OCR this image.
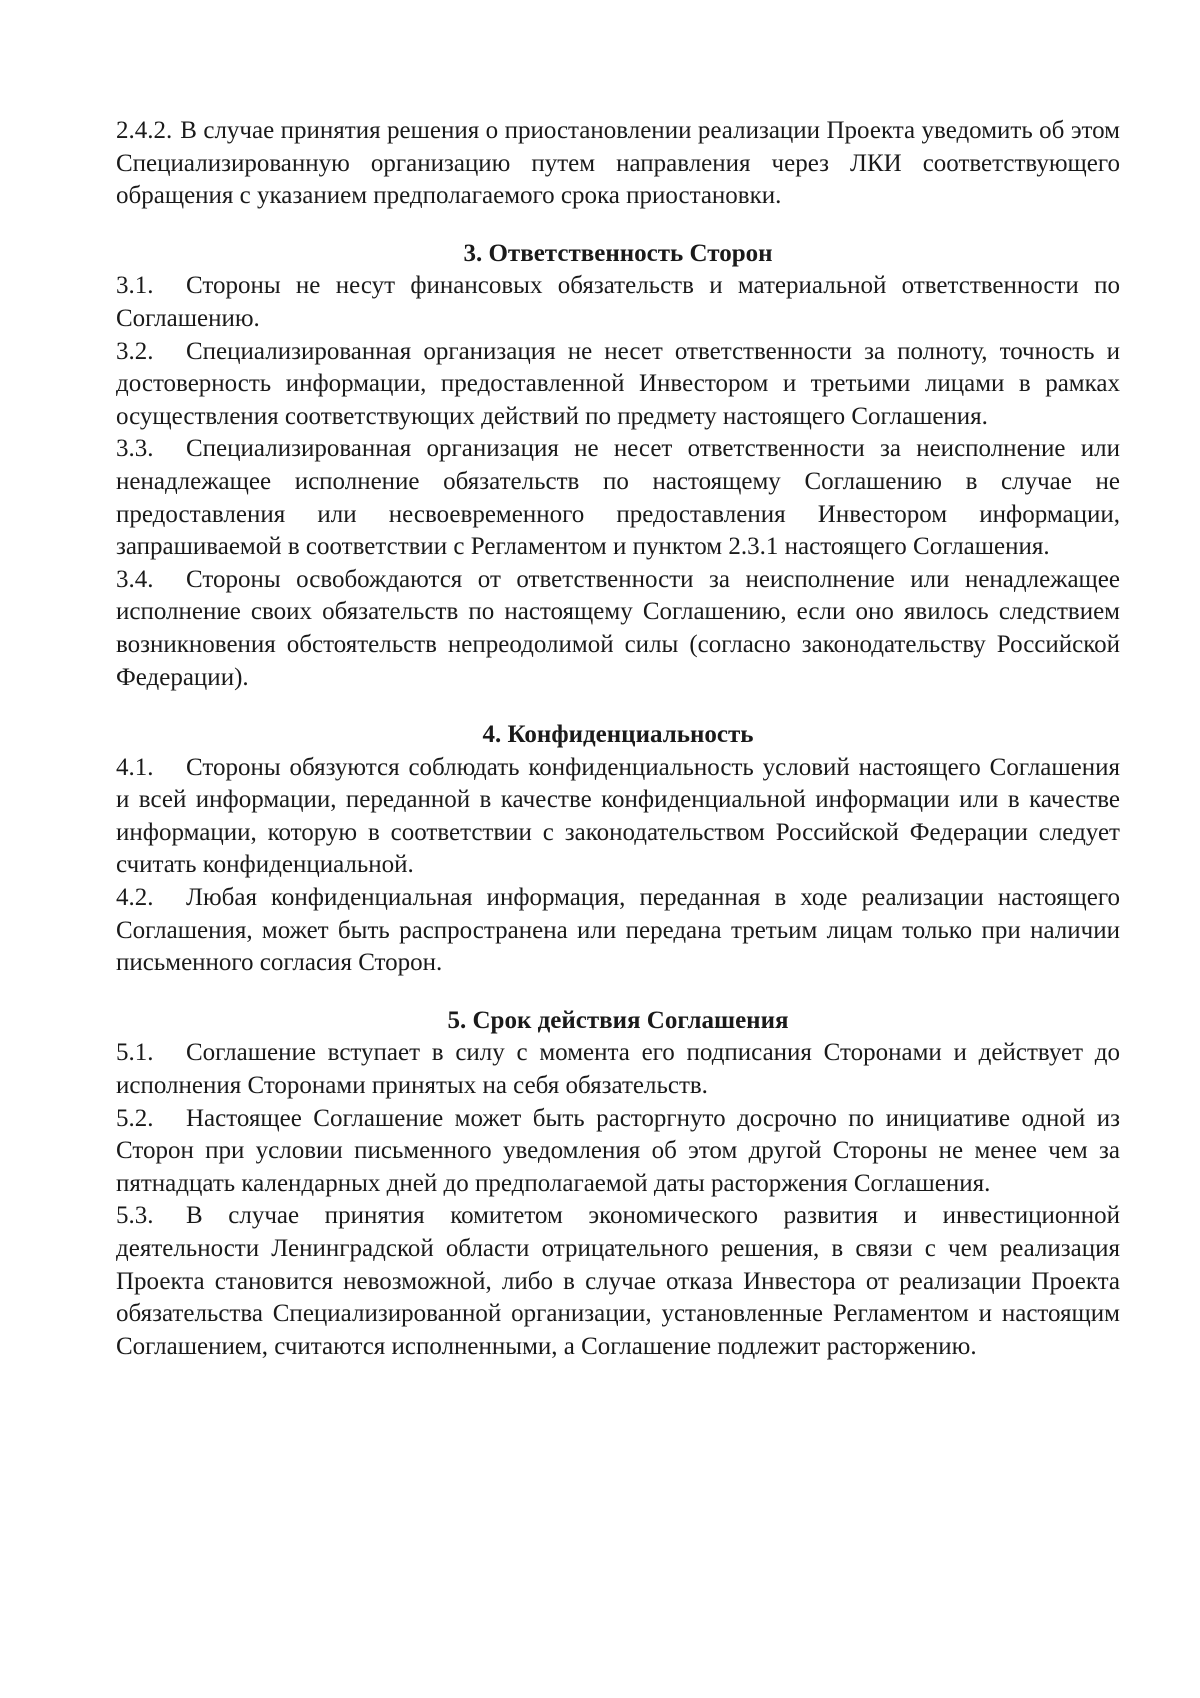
2.4.2. В случае принятия решения о приостановлении реализации Проекта уведомить об этом Специализированную организацию путем направления через ЛКИ соответствующего обращения с указанием предполагаемого срока приостановки.

3. Ответственность Сторон

3.1. Стороны не несут финансовых обязательств и материальной ответственности по Соглашению.

3.2. Специализированная организация не несет ответственности за полноту, точность и достоверность информации, предоставленной Инвестором и третьими лицами в рамках осуществления соответствующих действий по предмету настоящего Соглашения.

3.3. Специализированная организация не несет ответственности за неисполнение или ненадлежащее исполнение обязательств по настоящему Соглашению в случае не предоставления или несвоевременного предоставления Инвестором информации, запрашиваемой в соответствии с Регламентом и пунктом 2.3.1 настоящего Соглашения.

3.4. Стороны освобождаются от ответственности за неисполнение или ненадлежащее исполнение своих обязательств по настоящему Соглашению, если оно явилось следствием возникновения обстоятельств непреодолимой силы (согласно законодательству Российской Федерации).

4. Конфиденциальность

4.1. Стороны обязуются соблюдать конфиденциальность условий настоящего Соглашения и всей информации, переданной в качестве конфиденциальной информации или в качестве информации, которую в соответствии с законодательством Российской Федерации следует считать конфиденциальной.

4.2. Любая конфиденциальная информация, переданная в ходе реализации настоящего Соглашения, может быть распространена или передана третьим лицам только при наличии письменного согласия Сторон.

5. Срок действия Соглашения

5.1. Соглашение вступает в силу с момента его подписания Сторонами и действует до исполнения Сторонами принятых на себя обязательств.

5.2. Настоящее Соглашение может быть расторгнуто досрочно по инициативе одной из Сторон при условии письменного уведомления об этом другой Стороны не менее чем за пятнадцать календарных дней до предполагаемой даты расторжения Соглашения.

5.3. В случае принятия комитетом экономического развития и инвестиционной деятельности Ленинградской области отрицательного решения, в связи с чем реализация Проекта становится невозможной, либо в случае отказа Инвестора от реализации Проекта обязательства Специализированной организации, установленные Регламентом и настоящим Соглашением, считаются исполненными, а Соглашение подлежит расторжению.
